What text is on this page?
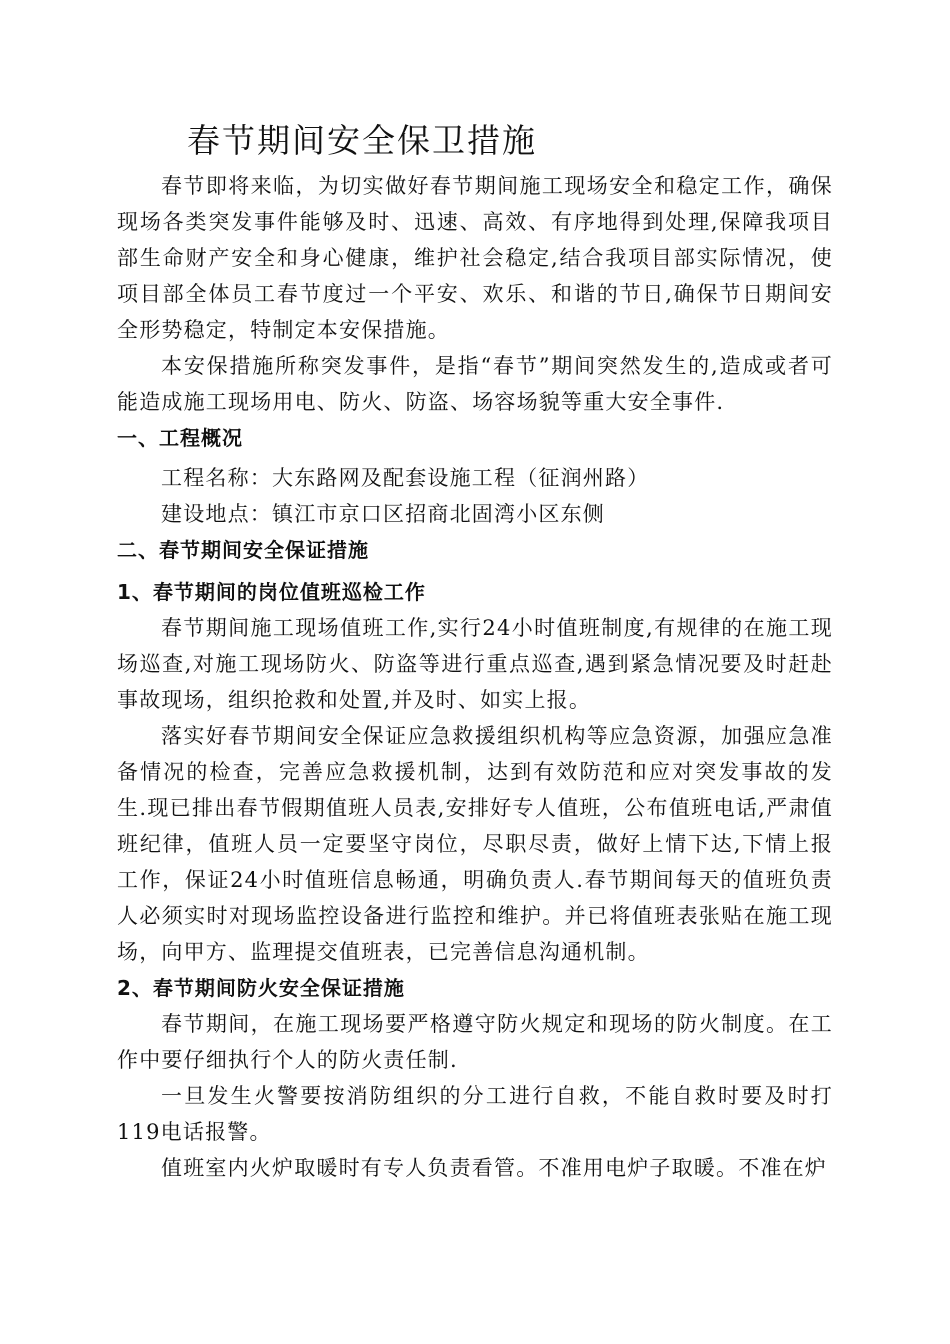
春节期间安全保卫措施

春节即将来临，为切实做好春节期间施工现场安全和稳定工作，确保现场各类突发事件能够及时、迅速、高效、有序地得到处理,保障我项目部生命财产安全和身心健康，维护社会稳定,结合我项目部实际情况，使项目部全体员工春节度过一个平安、欢乐、和谐的节日,确保节日期间安全形势稳定，特制定本安保措施。

本安保措施所称突发事件，是指“春节”期间突然发生的,造成或者可能造成施工现场用电、防火、防盗、场容场貌等重大安全事件.

一、工程概况

工程名称：大东路网及配套设施工程（征润州路）

建设地点：镇江市京口区招商北固湾小区东侧

二、春节期间安全保证措施
1、春节期间的岗位值班巡检工作

春节期间施工现场值班工作,实行24小时值班制度,有规律的在施工现场巡查,对施工现场防火、防盗等进行重点巡查,遇到紧急情况要及时赶赴事故现场，组织抢救和处置,并及时、如实上报。

落实好春节期间安全保证应急救援组织机构等应急资源，加强应急准备情况的检查，完善应急救援机制，达到有效防范和应对突发事故的发生.现已排出春节假期值班人员表,安排好专人值班，公布值班电话,严肃值班纪律，值班人员一定要坚守岗位，尽职尽责，做好上情下达,下情上报工作，保证24小时值班信息畅通，明确负责人.春节期间每天的值班负责人必须实时对现场监控设备进行监控和维护。并已将值班表张贴在施工现场，向甲方、监理提交值班表，已完善信息沟通机制。

2、春节期间防火安全保证措施

春节期间，在施工现场要严格遵守防火规定和现场的防火制度。在工作中要仔细执行个人的防火责任制.

一旦发生火警要按消防组织的分工进行自救，不能自救时要及时打119电话报警。

值班室内火炉取暖时有专人负责看管。不准用电炉子取暖。不准在炉
